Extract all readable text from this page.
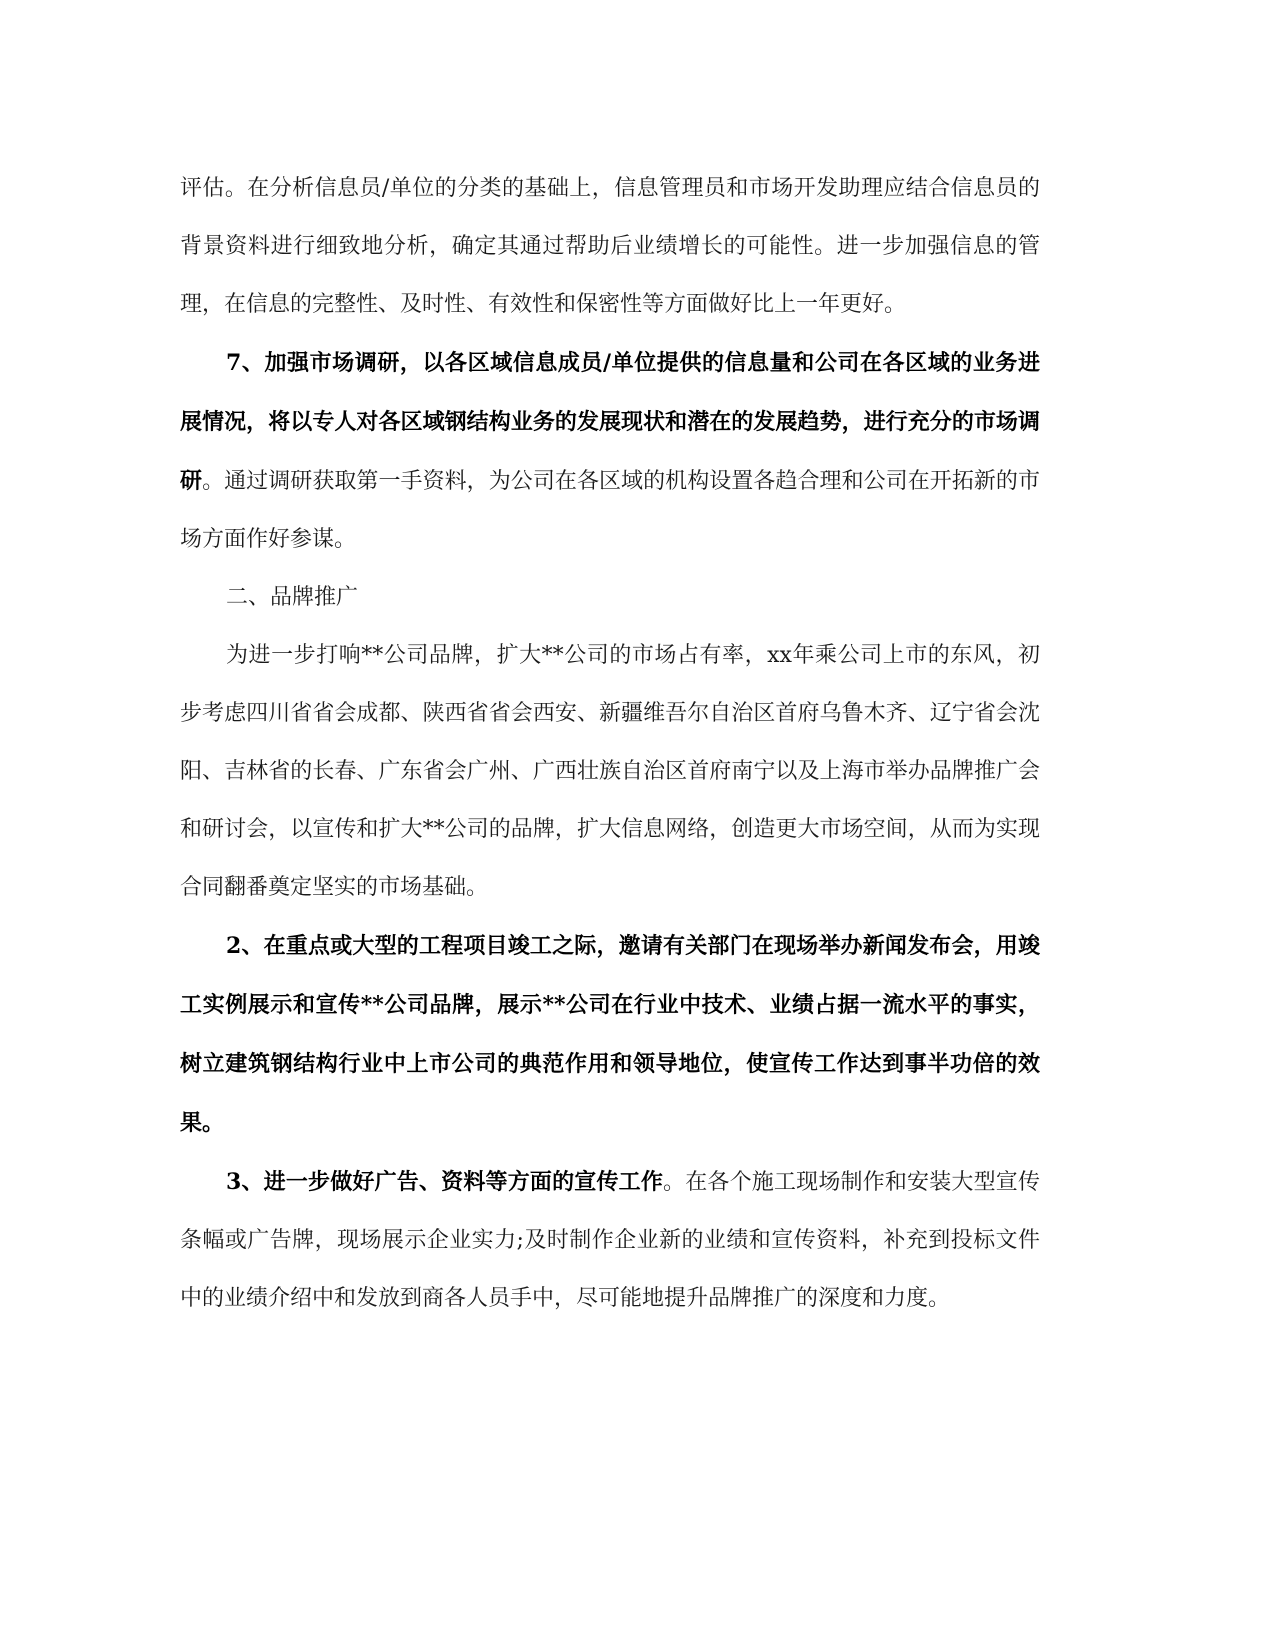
评估。在分析信息员/单位的分类的基础上，信息管理员和市场开发助理应结合信息员的背景资料进行细致地分析，确定其通过帮助后业绩增长的可能性。进一步加强信息的管理，在信息的完整性、及时性、有效性和保密性等方面做好比上一年更好。

7、加强市场调研，以各区域信息成员/单位提供的信息量和公司在各区域的业务进展情况，将以专人对各区域钢结构业务的发展现状和潜在的发展趋势，进行充分的市场调研。通过调研获取第一手资料，为公司在各区域的机构设置各趋合理和公司在开拓新的市场方面作好参谋。

二、品牌推广

为进一步打响**公司品牌，扩大**公司的市场占有率，xx年乘公司上市的东风，初步考虑四川省省会成都、陕西省省会西安、新疆维吾尔自治区首府乌鲁木齐、辽宁省会沈阳、吉林省的长春、广东省会广州、广西壮族自治区首府南宁以及上海市举办品牌推广会和研讨会，以宣传和扩大**公司的品牌，扩大信息网络，创造更大市场空间，从而为实现合同翻番奠定坚实的市场基础。

2、在重点或大型的工程项目竣工之际，邀请有关部门在现场举办新闻发布会，用竣工实例展示和宣传**公司品牌，展示**公司在行业中技术、业绩占据一流水平的事实，树立建筑钢结构行业中上市公司的典范作用和领导地位，使宣传工作达到事半功倍的效果。

3、进一步做好广告、资料等方面的宣传工作。在各个施工现场制作和安装大型宣传条幅或广告牌，现场展示企业实力;及时制作企业新的业绩和宣传资料，补充到投标文件中的业绩介绍中和发放到商各人员手中，尽可能地提升品牌推广的深度和力度。
